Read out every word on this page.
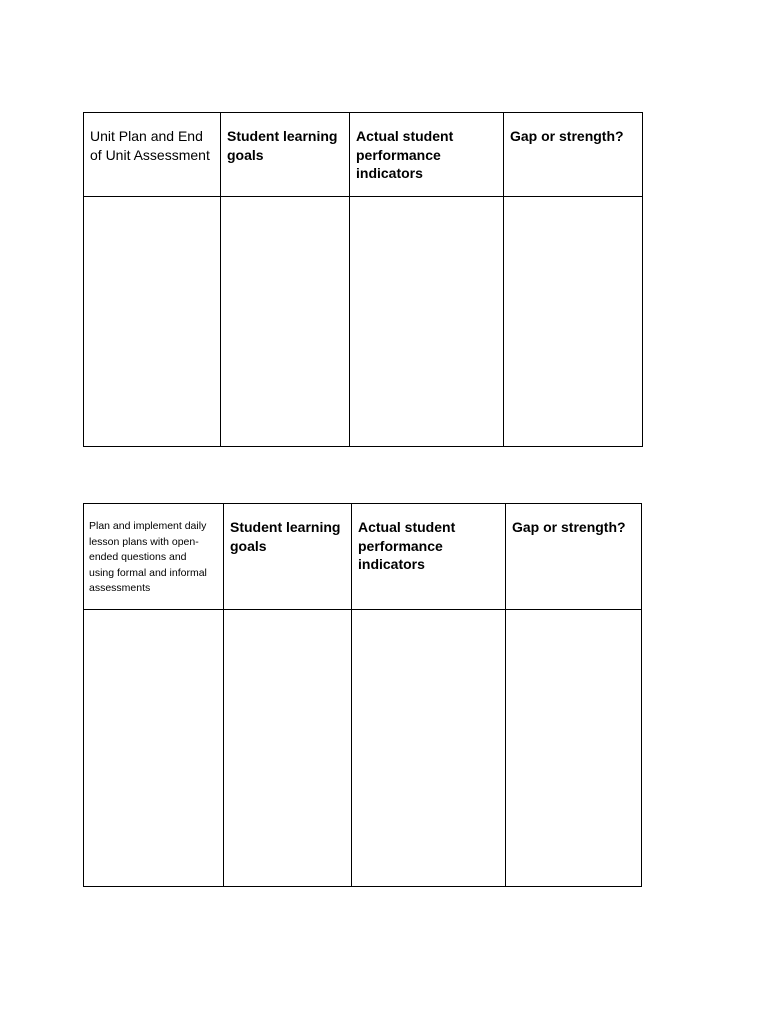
Unit Plan and End
of Unit Assessment	Student learning
goals	Actual student
performance
indicators	Gap or strength?

Plan and implement daily
lesson plans with open-
ended questions and
using formal and informal
assessments	Student learning
goals	Actual student
performance
indicators	Gap or strength?
